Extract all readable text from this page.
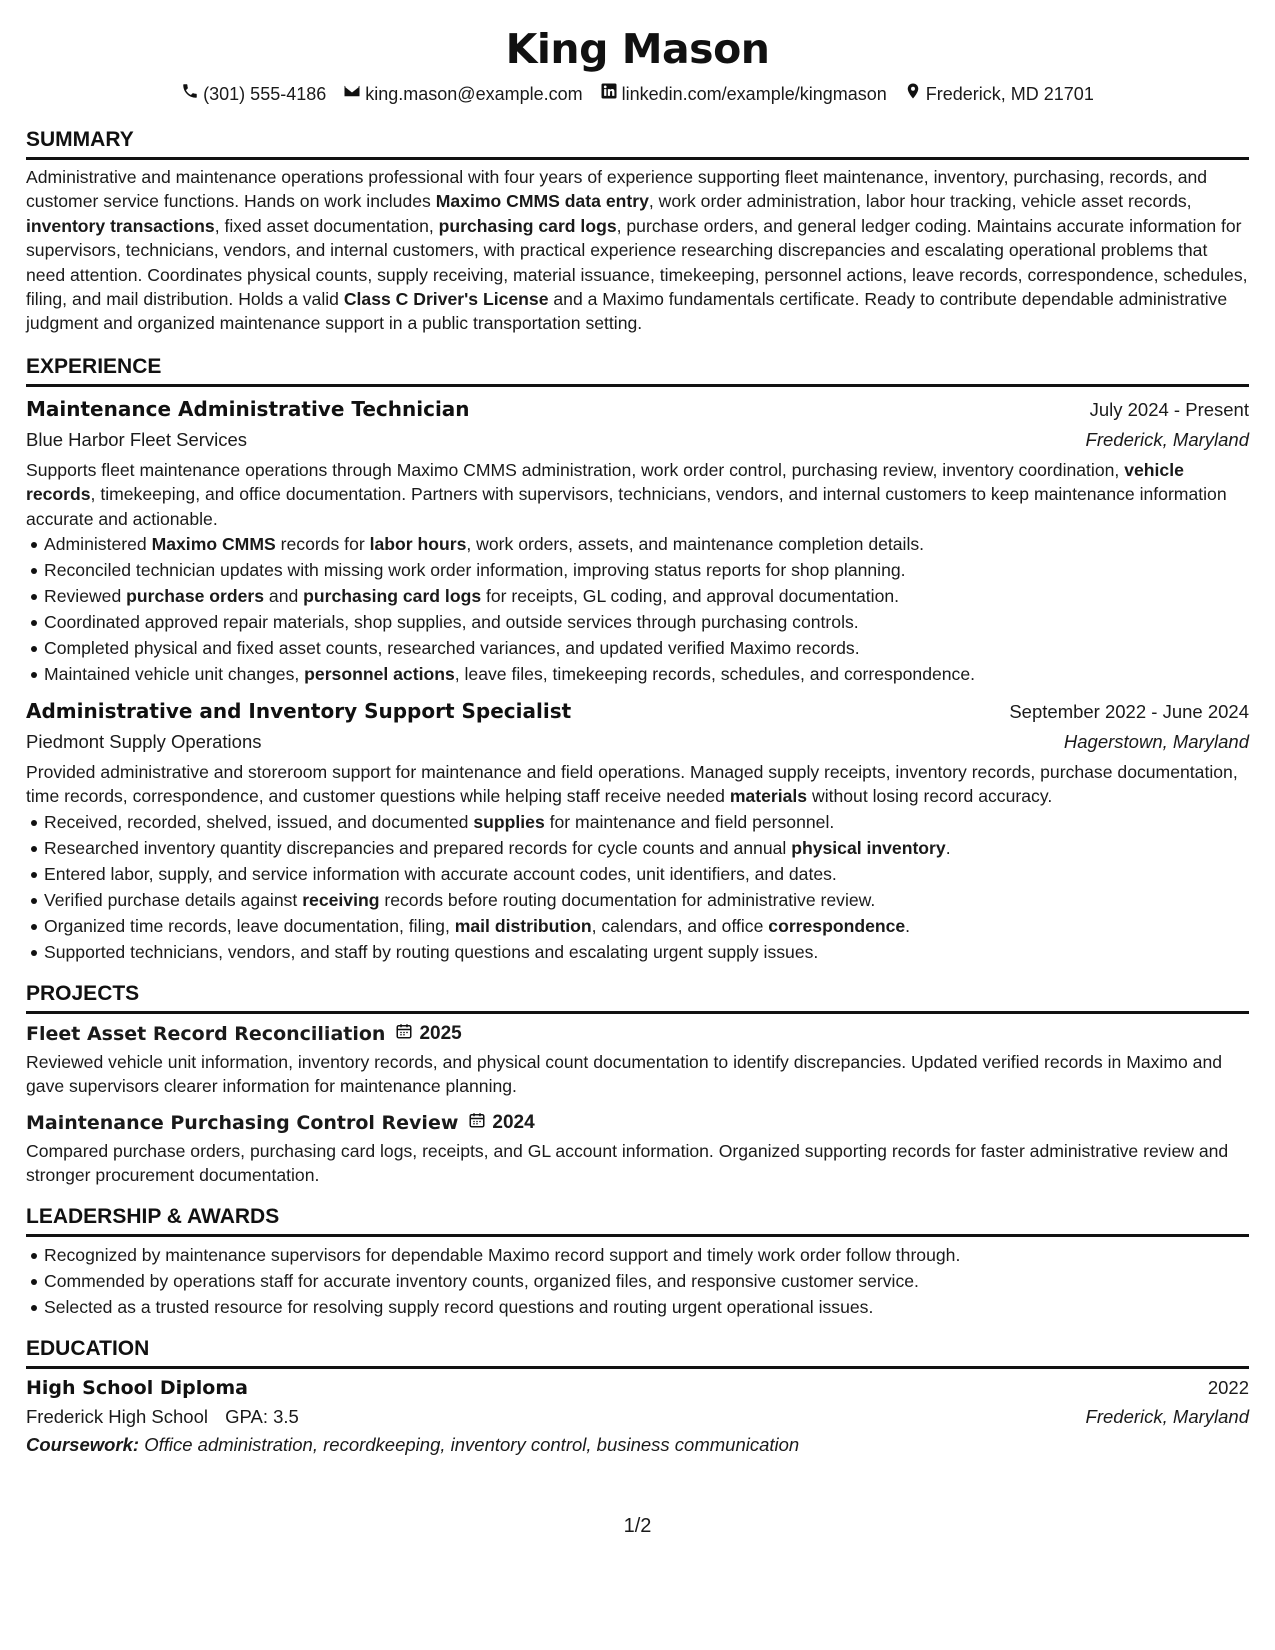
King Mason
(301) 555-4186 king.mason@example.com linkedin.com/example/kingmason Frederick, MD 21701
SUMMARY
Administrative and maintenance operations professional with four years of experience supporting fleet maintenance, inventory, purchasing, records, and customer service functions. Hands on work includes Maximo CMMS data entry, work order administration, labor hour tracking, vehicle asset records, inventory transactions, fixed asset documentation, purchasing card logs, purchase orders, and general ledger coding. Maintains accurate information for supervisors, technicians, vendors, and internal customers, with practical experience researching discrepancies and escalating operational problems that need attention. Coordinates physical counts, supply receiving, material issuance, timekeeping, personnel actions, leave records, correspondence, schedules, filing, and mail distribution. Holds a valid Class C Driver's License and a Maximo fundamentals certificate. Ready to contribute dependable administrative judgment and organized maintenance support in a public transportation setting.
EXPERIENCE
Maintenance Administrative Technician	July 2024 - Present
Blue Harbor Fleet Services	Frederick, Maryland
Supports fleet maintenance operations through Maximo CMMS administration, work order control, purchasing review, inventory coordination, vehicle records, timekeeping, and office documentation. Partners with supervisors, technicians, vendors, and internal customers to keep maintenance information accurate and actionable.
Administered Maximo CMMS records for labor hours, work orders, assets, and maintenance completion details.
Reconciled technician updates with missing work order information, improving status reports for shop planning.
Reviewed purchase orders and purchasing card logs for receipts, GL coding, and approval documentation.
Coordinated approved repair materials, shop supplies, and outside services through purchasing controls.
Completed physical and fixed asset counts, researched variances, and updated verified Maximo records.
Maintained vehicle unit changes, personnel actions, leave files, timekeeping records, schedules, and correspondence.
Administrative and Inventory Support Specialist	September 2022 - June 2024
Piedmont Supply Operations	Hagerstown, Maryland
Provided administrative and storeroom support for maintenance and field operations. Managed supply receipts, inventory records, purchase documentation, time records, correspondence, and customer questions while helping staff receive needed materials without losing record accuracy.
Received, recorded, shelved, issued, and documented supplies for maintenance and field personnel.
Researched inventory quantity discrepancies and prepared records for cycle counts and annual physical inventory.
Entered labor, supply, and service information with accurate account codes, unit identifiers, and dates.
Verified purchase details against receiving records before routing documentation for administrative review.
Organized time records, leave documentation, filing, mail distribution, calendars, and office correspondence.
Supported technicians, vendors, and staff by routing questions and escalating urgent supply issues.
PROJECTS
Fleet Asset Record Reconciliation 2025
Reviewed vehicle unit information, inventory records, and physical count documentation to identify discrepancies. Updated verified records in Maximo and gave supervisors clearer information for maintenance planning.
Maintenance Purchasing Control Review 2024
Compared purchase orders, purchasing card logs, receipts, and GL account information. Organized supporting records for faster administrative review and stronger procurement documentation.
LEADERSHIP & AWARDS
Recognized by maintenance supervisors for dependable Maximo record support and timely work order follow through.
Commended by operations staff for accurate inventory counts, organized files, and responsive customer service.
Selected as a trusted resource for resolving supply record questions and routing urgent operational issues.
EDUCATION
High School Diploma	2022
Frederick High School GPA: 3.5	Frederick, Maryland
Coursework: Office administration, recordkeeping, inventory control, business communication
1/2
